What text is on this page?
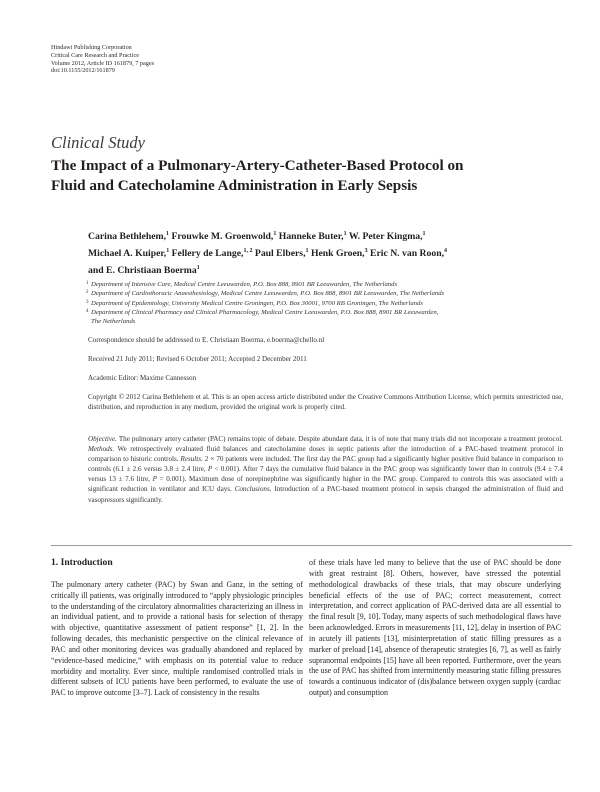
Hindawi Publishing Corporation
Critical Care Research and Practice
Volume 2012, Article ID 161879, 7 pages
doi:10.1155/2012/161879
Clinical Study
The Impact of a Pulmonary-Artery-Catheter-Based Protocol on
Fluid and Catecholamine Administration in Early Sepsis
Carina Bethlehem,$^1$ Frouwke M. Groenwold,$^1$ Hanneke Buter,$^1$ W. Peter Kingma,$^1$
Michael A. Kuiper,$^1$ Fellery de Lange,$^{1, 2}$ Paul Elbers,$^1$ Henk Groen,$^3$ Eric N. van Roon,$^4$
and E. Christiaan Boerma$^1$
1 Department of Intensive Care, Medical Centre Leeuwarden, P.O. Box 888, 8901 BR Leeuwarden, The Netherlands
2 Department of Cardiothoracic Anaesthesiology, Medical Centre Leeuwarden, P.O. Box 888, 8901 BR Leeuwarden, The Netherlands
3 Department of Epidemiology, University Medical Centre Groningen, P.O. Box 30001, 9700 RB Groningen, The Netherlands
4 Department of Clinical Pharmacy and Clinical Pharmacology, Medical Centre Leeuwarden, P.O. Box 888, 8901 BR Leeuwarden,
The Netherlands
Correspondence should be addressed to E. Christiaan Boerma, e.boerma@chello.nl
Received 21 July 2011; Revised 6 October 2011; Accepted 2 December 2011
Academic Editor: Maxime Cannesson
Copyright © 2012 Carina Bethlehem et al. This is an open access article distributed under the Creative Commons Attribution License, which permits unrestricted use, distribution, and reproduction in any medium, provided the original work is properly cited.
Objective. The pulmonary artery catheter (PAC) remains topic of debate. Despite abundant data, it is of note that many trials did not incorporate a treatment protocol. Methods. We retrospectively evaluated fluid balances and catecholamine doses in septic patients after the introduction of a PAC-based treatment protocol in comparison to historic controls. Results. 2 × 70 patients were included. The first day the PAC group had a significantly higher positive fluid balance in comparison to controls (6.1 ± 2.6 versus 3.8 ± 2.4 litre, P < 0.001). After 7 days the cumulative fluid balance in the PAC group was significantly lower than in controls (9.4 ± 7.4 versus 13 ± 7.6 litre, P = 0.001). Maximum dose of norepinephrine was significantly higher in the PAC group. Compared to controls this was associated with a significant reduction in ventilator and ICU days. Conclusions. Introduction of a PAC-based treatment protocol in sepsis changed the administration of fluid and vasopressors significantly.
1. Introduction

The pulmonary artery catheter (PAC) by Swan and Ganz, in the setting of critically ill patients, was originally introduced to “apply physiologic principles to the understanding of the circulatory abnormalities characterizing an illness in an individual patient, and to provide a rational basis for selection of therapy with objective, quantitative assessment of patient response” [1, 2]. In the following decades, this mechanistic perspective on the clinical relevance of PAC and other monitoring devices was gradually abandoned and replaced by “evidence-based medicine,” with emphasis on its potential value to reduce morbidity and mortality. Ever since, multiple randomised controlled trials in different subsets of ICU patients have been performed, to evaluate the use of PAC to improve outcome [3–7]. Lack of consistency in the results

of these trials have led many to believe that the use of PAC should be done with great restraint [8]. Others, however, have stressed the potential methodological drawbacks of these trials, that may obscure underlying beneficial effects of the use of PAC; correct measurement, correct interpretation, and correct application of PAC-derived data are all essential to the final result [9, 10]. Today, many aspects of such methodological flaws have been acknowledged. Errors in measurements [11, 12], delay in insertion of PAC in acutely ill patients [13], misinterpretation of static filling pressures as a marker of preload [14], absence of therapeutic strategies [6, 7], as well as fairly supranormal endpoints [15] have all been reported. Furthermore, over the years the use of PAC has shifted from intermittently measuring static filling pressures towards a continuous indicator of (dis)balance between oxygen supply (cardiac output) and consumption
